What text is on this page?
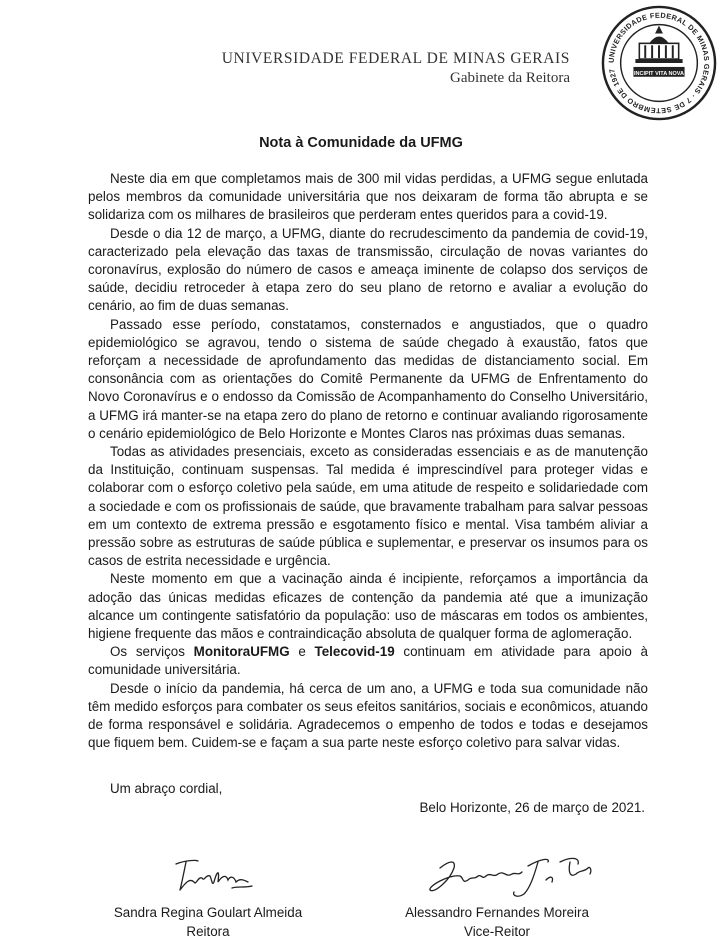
UNIVERSIDADE FEDERAL DE MINAS GERAIS
Gabinete da Reitora
UNIVERSIDADE FEDERAL DE MINAS GERAIS · 7 DE SETEMBRO DE 1927
INCIPIT VITA NOVA
Nota à Comunidade da UFMG

Neste dia em que completamos mais de 300 mil vidas perdidas, a UFMG segue enlutada pelos membros da comunidade universitária que nos deixaram de forma tão abrupta e se solidariza com os milhares de brasileiros que perderam entes queridos para a covid-19.

Desde o dia 12 de março, a UFMG, diante do recrudescimento da pandemia de covid-19, caracterizado pela elevação das taxas de transmissão, circulação de novas variantes do coronavírus, explosão do número de casos e ameaça iminente de colapso dos serviços de saúde, decidiu retroceder à etapa zero do seu plano de retorno e avaliar a evolução do cenário, ao fim de duas semanas.

Passado esse período, constatamos, consternados e angustiados, que o quadro epidemiológico se agravou, tendo o sistema de saúde chegado à exaustão, fatos que reforçam a necessidade de aprofundamento das medidas de distanciamento social. Em consonância com as orientações do Comitê Permanente da UFMG de Enfrentamento do Novo Coronavírus e o endosso da Comissão de Acompanhamento do Conselho Universitário, a UFMG irá manter-se na etapa zero do plano de retorno e continuar avaliando rigorosamente o cenário epidemiológico de Belo Horizonte e Montes Claros nas próximas duas semanas.

Todas as atividades presenciais, exceto as consideradas essenciais e as de manutenção da Instituição, continuam suspensas. Tal medida é imprescindível para proteger vidas e colaborar com o esforço coletivo pela saúde, em uma atitude de respeito e solidariedade com a sociedade e com os profissionais de saúde, que bravamente trabalham para salvar pessoas em um contexto de extrema pressão e esgotamento físico e mental. Visa também aliviar a pressão sobre as estruturas de saúde pública e suplementar, e preservar os insumos para os casos de estrita necessidade e urgência.

Neste momento em que a vacinação ainda é incipiente, reforçamos a importância da adoção das únicas medidas eficazes de contenção da pandemia até que a imunização alcance um contingente satisfatório da população: uso de máscaras em todos os ambientes, higiene frequente das mãos e contraindicação absoluta de qualquer forma de aglomeração.

Os serviços MonitoraUFMG e Telecovid-19 continuam em atividade para apoio à comunidade universitária.

Desde o início da pandemia, há cerca de um ano, a UFMG e toda sua comunidade não têm medido esforços para combater os seus efeitos sanitários, sociais e econômicos, atuando de forma responsável e solidária. Agradecemos o empenho de todos e todas e desejamos que fiquem bem. Cuidem-se e façam a sua parte neste esforço coletivo para salvar vidas.

Um abraço cordial,
Belo Horizonte, 26 de março de 2021.
Sandra Regina Goulart Almeida
Reitora
Alessandro Fernandes Moreira
Vice-Reitor
